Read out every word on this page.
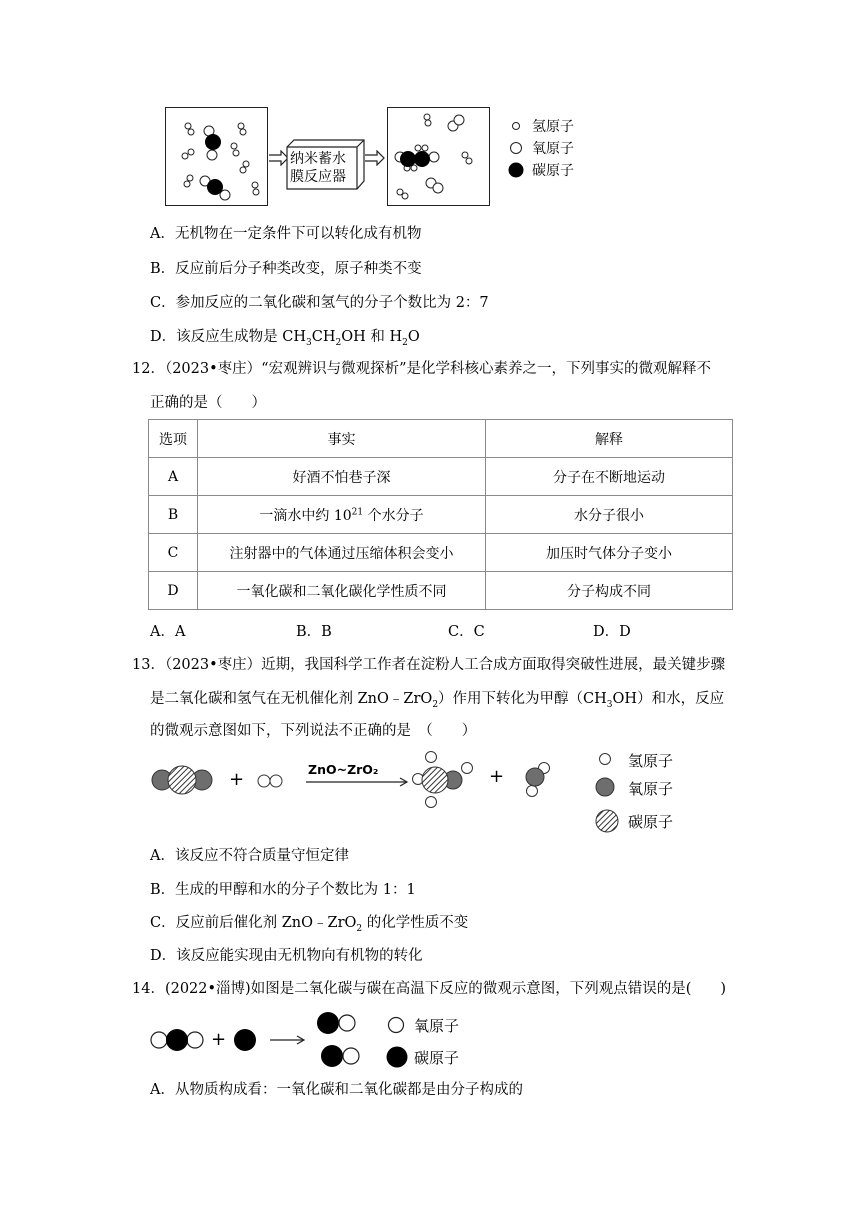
纳米蓄水
膜反应器
氢原子
氧原子
碳原子
A．无机物在一定条件下可以转化成有机物
B．反应前后分子种类改变，原子种类不变
C．参加反应的二氧化碳和氢气的分子个数比为 2：7
D．该反应生成物是 $CH_3CH_2OH$ 和 $H_2O$
12．（2023•枣庄）“宏观辨识与微观探析”是化学科核心素养之一，下列事实的微观解释不
正确的是（　　）
选项	事实	解释
A	好酒不怕巷子深	分子在不断地运动
B	一滴水中约 $10^{21}$ 个水分子	水分子很小
C	注射器中的气体通过压缩体积会变小	加压时气体分子变小
D	一氧化碳和二氧化碳化学性质不同	分子构成不同
A．A	B．B	C．C	D．D
13．（2023•枣庄）近期，我国科学工作者在淀粉人工合成方面取得突破性进展，最关键步骤
是二氧化碳和氢气在无机催化剂 ZnO﹣ZrO$_2$）作用下转化为甲醇$(CH_3OH)$和水，反应
的微观示意图如下，下列说法不正确的是　（　　）
+	+
ZnO~ZrO₂	氢原子
氧原子
碳原子
A．该反应不符合质量守恒定律
B．生成的甲醇和水的分子个数比为 1：1
C．反应前后催化剂 ZnO﹣ZrO$_2$ 的化学性质不变
D．该反应能实现由无机物向有机物的转化
14．(2022•淄博)如图是二氧化碳与碳在高温下反应的微观示意图，下列观点错误的是(　　)
+
氧原子
碳原子
A．从物质构成看：一氧化碳和二氧化碳都是由分子构成的
